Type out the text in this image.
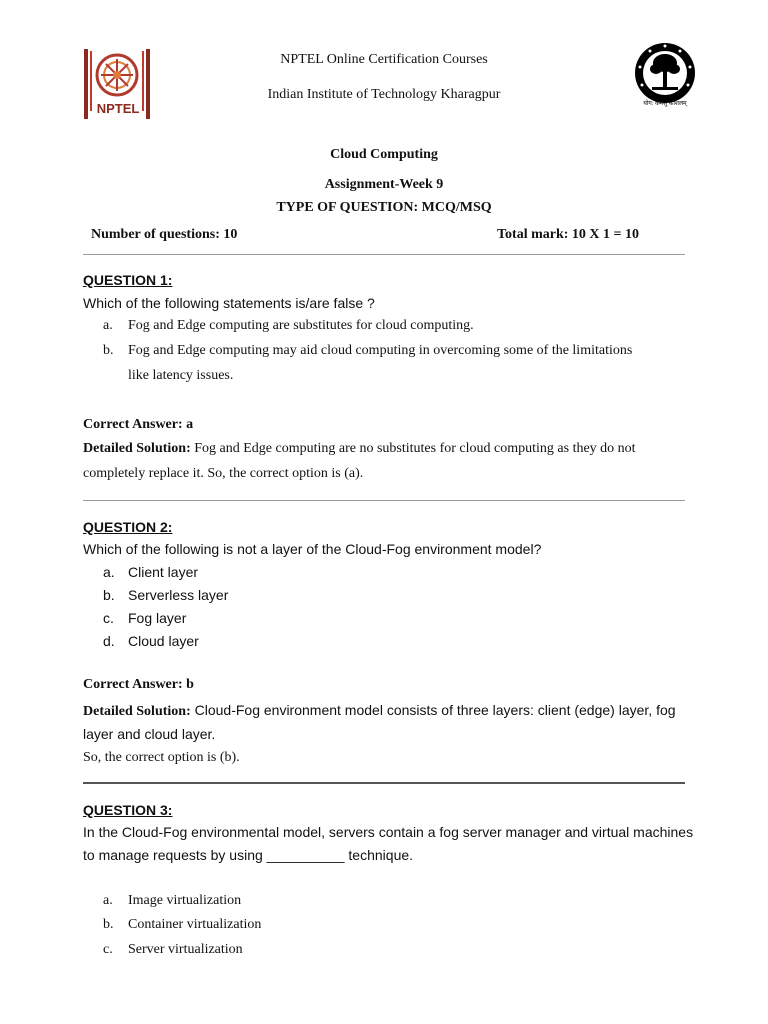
NPTEL	योग: कर्मसु कौशलम्
NPTEL Online Certification Courses
Indian Institute of Technology Kharagpur
Cloud Computing
Assignment-Week 9
TYPE OF QUESTION: MCQ/MSQ
Number of questions: 10	Total mark: 10 X 1 = 10
QUESTION 1:
Which of the following statements is/are false ?
a. Fog and Edge computing are substitutes for cloud computing.
b. Fog and Edge computing may aid cloud computing in overcoming some of the limitations
like latency issues.
Correct Answer: a
Detailed Solution: Fog and Edge computing are no substitutes for cloud computing as they do not
completely replace it. So, the correct option is (a).
QUESTION 2:
Which of the following is not a layer of the Cloud-Fog environment model?
a. Client layer
b. Serverless layer
c. Fog layer
d. Cloud layer
Correct Answer: b
Detailed Solution: Cloud-Fog environment model consists of three layers: client (edge) layer, fog
layer and cloud layer.
So, the correct option is (b).
QUESTION 3:
In the Cloud-Fog environmental model, servers contain a fog server manager and virtual machines
to manage requests by using __________ technique.
a. Image virtualization
b. Container virtualization
c. Server virtualization
